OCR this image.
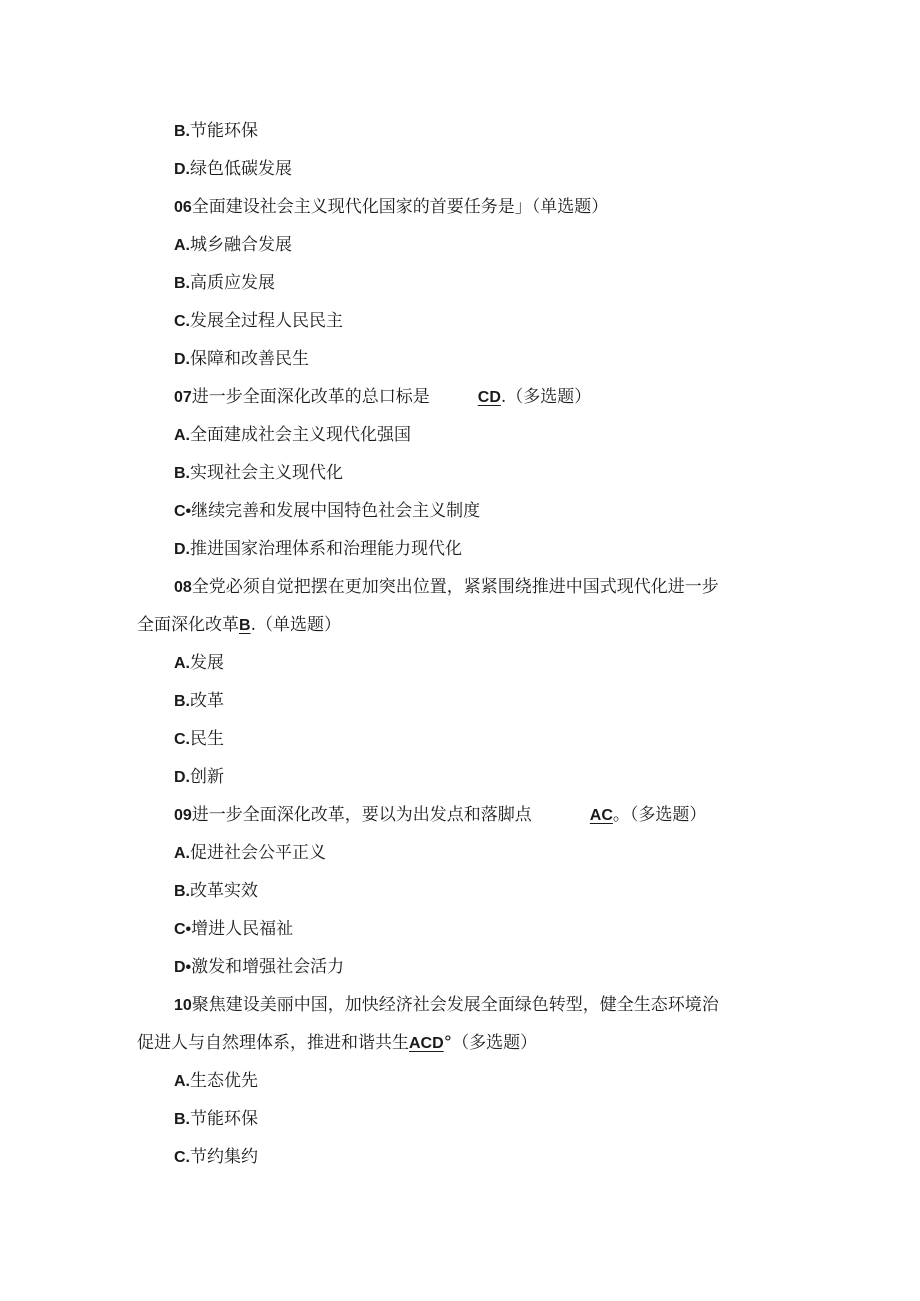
B.节能环保
D.绿色低碳发展
06全面建设社会主义现代化国家的首要任务是」（单选题）
A.城乡融合发展
B.高质应发展
C.发展全过程人民民主
D.保障和改善民生
07进一步全面深化改革的总口标是	CD.（多选题）
A.全面建成社会主义现代化强国
B.实现社会主义现代化
C•继续完善和发展中国特色社会主义制度
D.推进国家治理体系和治理能力现代化
08全党必须自觉把摆在更加突出位置，紧紧围绕推进中国式现代化进一步
全面深化改革B.（单选题）
A.发展
B.改革
C.民生
D.创新
09进一步全面深化改革，要以为出发点和落脚点	AC。（多选题）
A.促进社会公平正义
B.改革实效
C•增进人民福祉
D•激发和增强社会活力
10聚焦建设美丽中国，加快经济社会发展全面绿色转型，健全生态环境治
促进人与自然理体系，推进和谐共生ACD°（多选题）
A.生态优先
B.节能环保
C.节约集约
